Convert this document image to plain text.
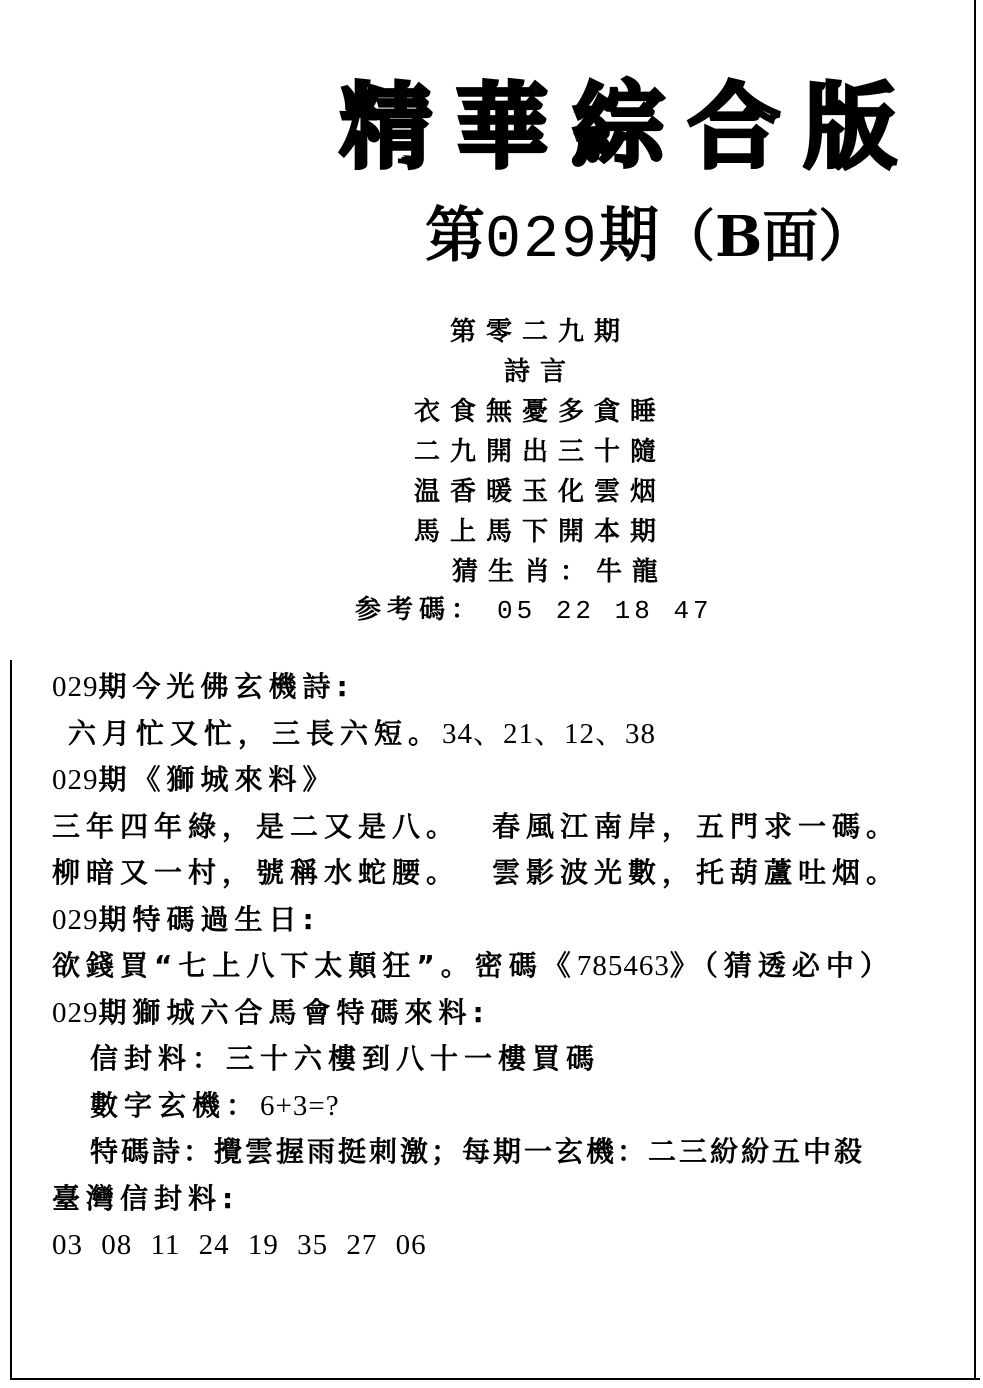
精華綜合版
第029期（B面）
第零二九期
詩言
衣食無憂多貪睡
二九開出三十隨
温香暖玉化雲烟
馬上馬下開本期
猜生肖：牛龍
参考碼： 05 22 18 47
029期今光佛玄機詩:
六月忙又忙，三長六短。34、21、12、38
029期《獅城來料》
三年四年綠，是二又是八。 春風江南岸，五門求一碼。
柳暗又一村，號稱水蛇腰。 雲影波光數，托葫蘆吐烟。
029期特碼過生日:
欲錢買“七上八下太顛狂”。密碼《785463》（猜透必中）
029期獅城六合馬會特碼來料:
信封料：三十六樓到八十一樓買碼
數字玄機：6+3=?
特碼詩：攪雲握雨挺刺激；每期一玄機：二三紛紛五中殺
臺灣信封料:
03 08 11 24 19 35 27 06
